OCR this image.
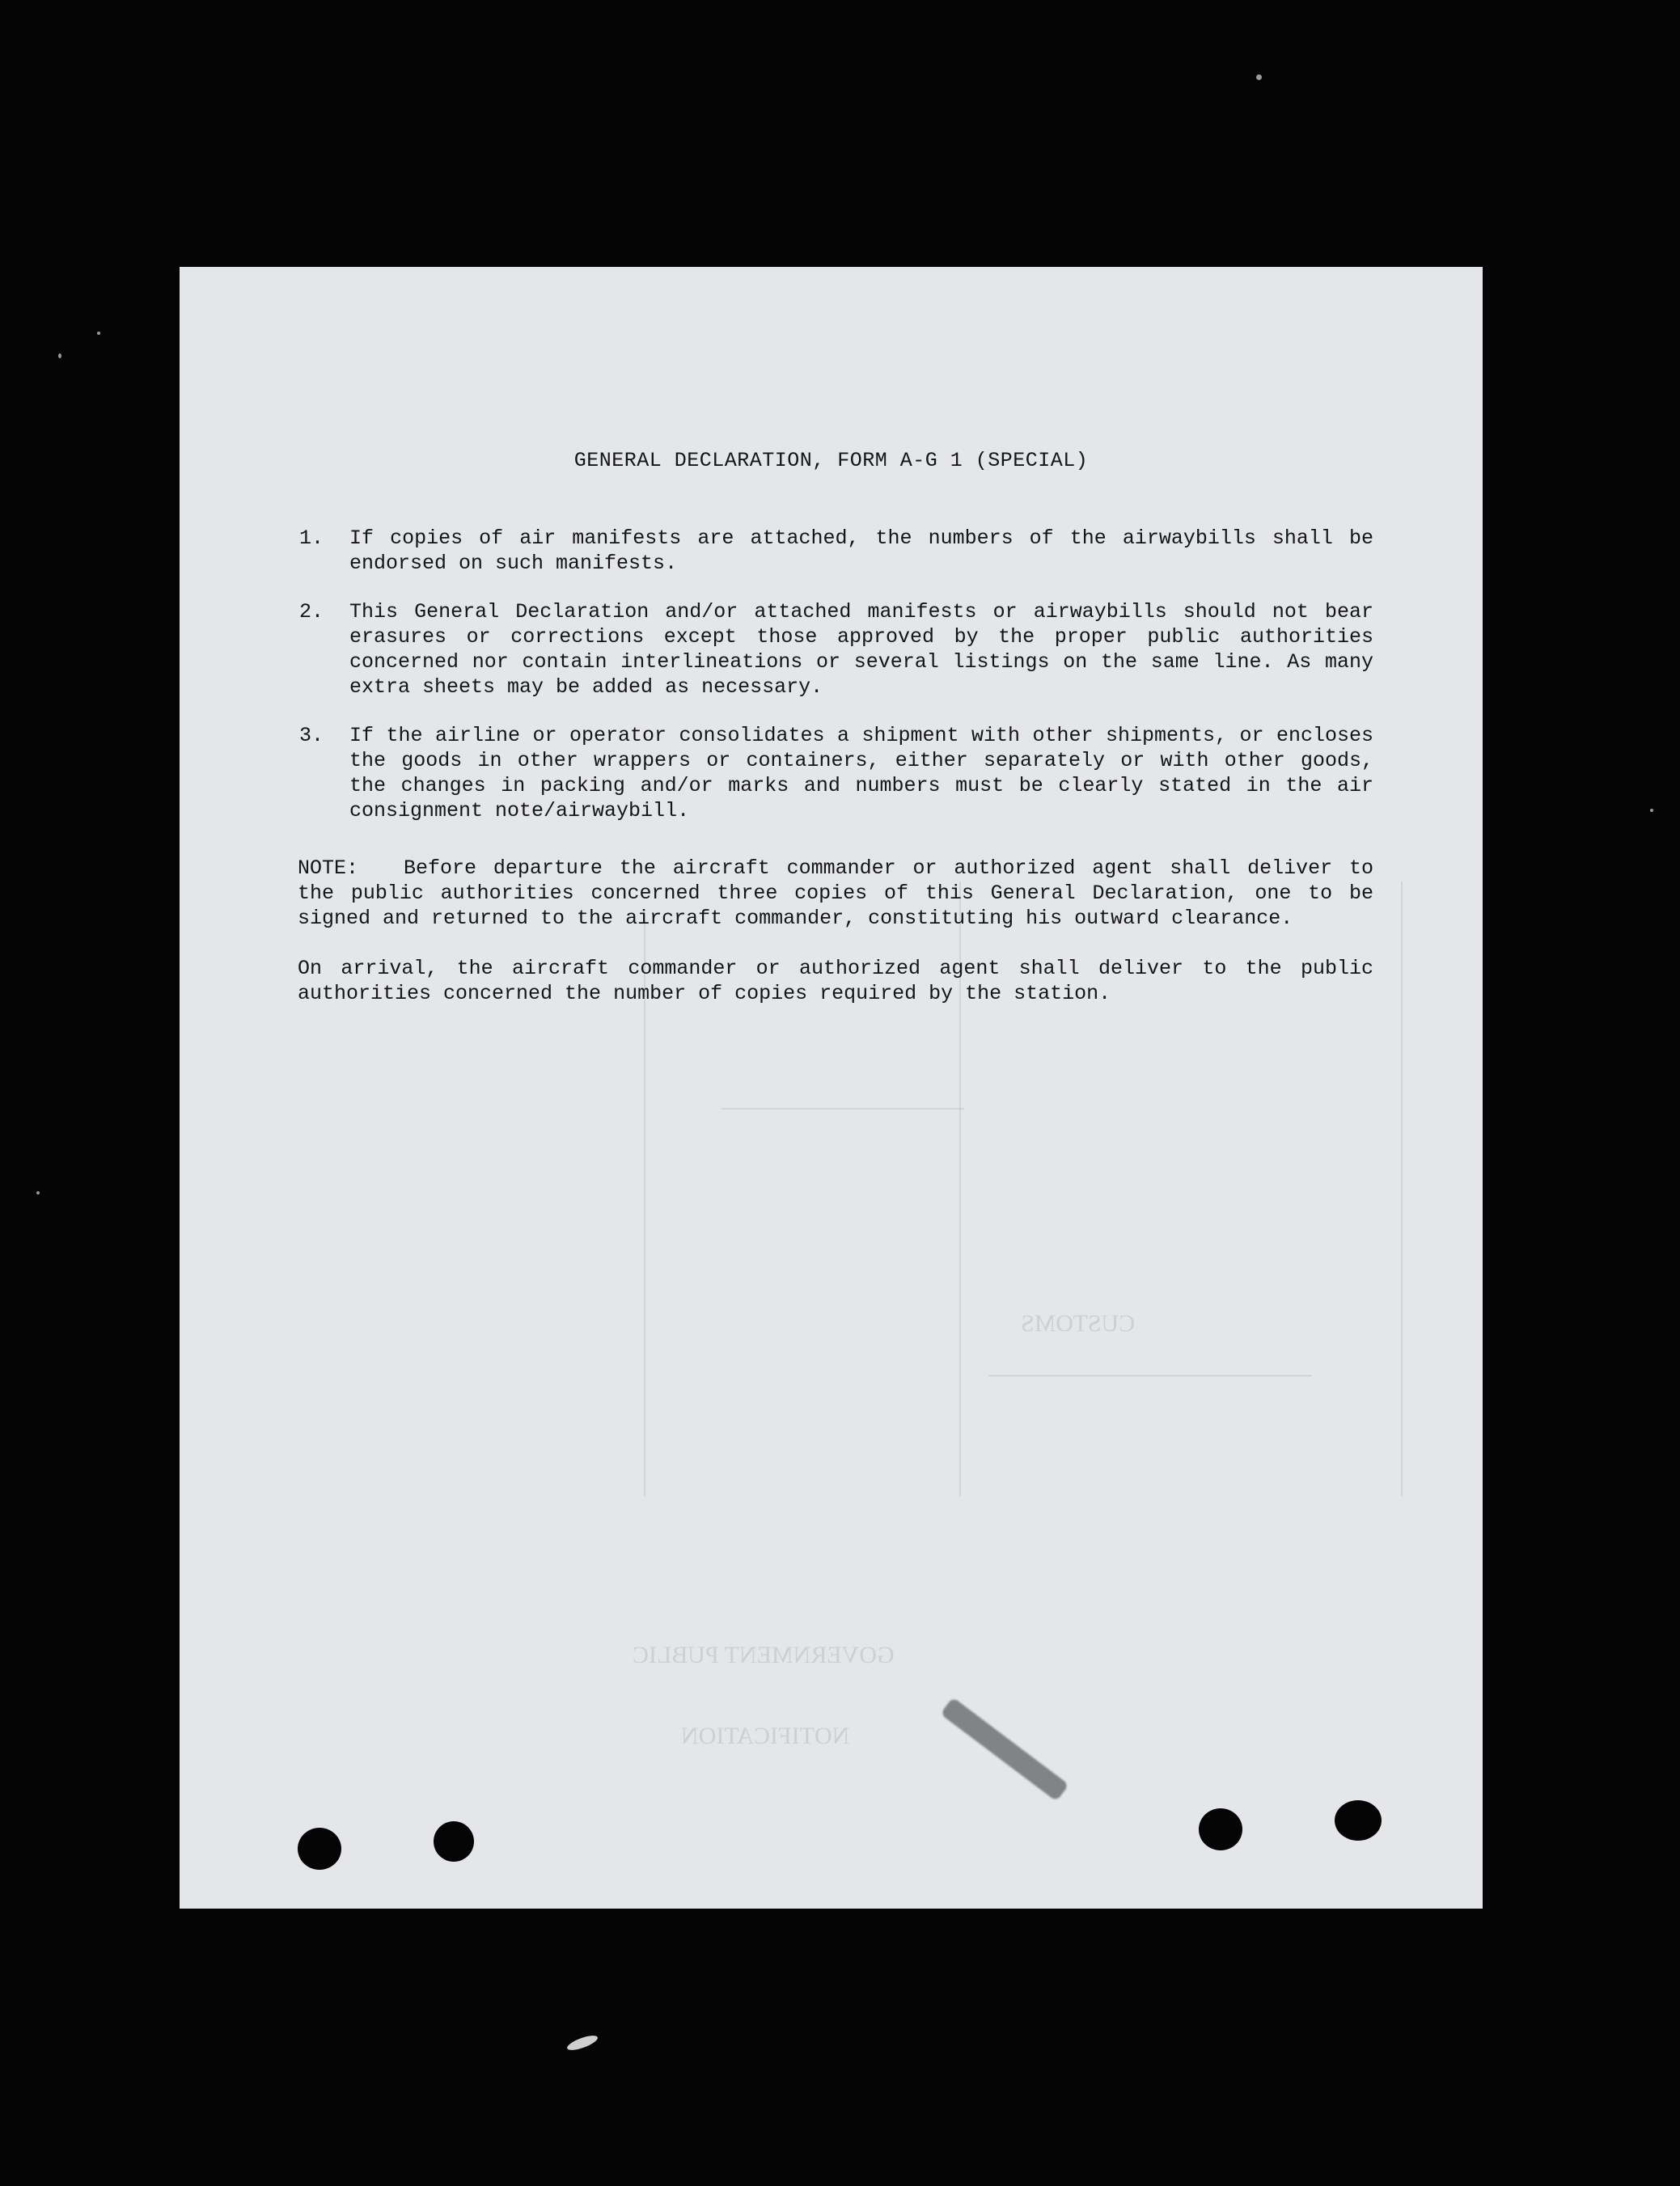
GOVERNMENT PUBLIC
NOTIFICATION
CUSTOMS
GENERAL DECLARATION, FORM A-G 1 (SPECIAL)
1.	If copies of air manifests are attached, the numbers of the airwaybills shall be endorsed on such manifests.
2.	This General Declaration and/or attached manifests or airwaybills should not bear erasures or corrections except those approved by the proper public authorities concerned nor contain interlineations or several listings on the same line. As many extra sheets may be added as necessary.
3.	If the airline or operator consolidates a shipment with other shipments, or encloses the goods in other wrappers or containers, either separately or with other goods, the changes in packing and/or marks and numbers must be clearly stated in the air consignment note/airwaybill.
NOTE: Before departure the aircraft commander or authorized agent shall deliver to the public authorities concerned three copies of this General Declaration, one to be signed and returned to the aircraft commander, constituting his outward clearance.
On arrival, the aircraft commander or authorized agent shall deliver to the public authorities concerned the number of copies required by the station.
